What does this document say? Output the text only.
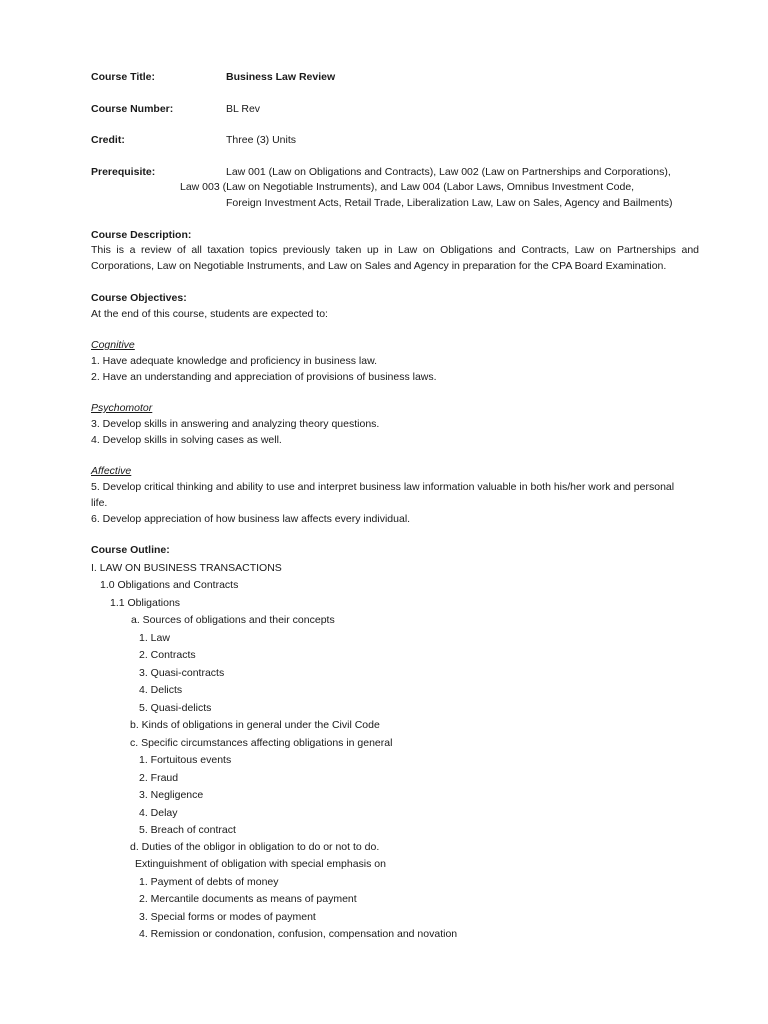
Course Title:	Business Law Review
Course Number:	BL Rev
Credit:	Three (3) Units
Prerequisite:	Law 001 (Law on Obligations and Contracts), Law 002 (Law on Partnerships and Corporations),
Law 003 (Law on Negotiable Instruments), and Law 004 (Labor Laws, Omnibus Investment Code,
Foreign Investment Acts, Retail Trade, Liberalization Law, Law on Sales, Agency and Bailments)
Course Description:
This is a review of all taxation topics previously taken up in Law on Obligations and Contracts, Law on Partnerships and Corporations, Law on Negotiable Instruments, and Law on Sales and Agency in preparation for the CPA Board Examination.
Course Objectives:
At the end of this course, students are expected to:
Cognitive
1. Have adequate knowledge and proficiency in business law.
2. Have an understanding and appreciation of provisions of business laws.
Psychomotor
3. Develop skills in answering and analyzing theory questions.
4. Develop skills in solving cases as well.
Affective
5. Develop critical thinking and ability to use and interpret business law information valuable in both his/her work and personal
life.
6. Develop appreciation of how business law affects every individual.
Course Outline:
I. LAW ON BUSINESS TRANSACTIONS
1.0 Obligations and Contracts
1.1 Obligations
a. Sources of obligations and their concepts
1. Law
2. Contracts
3. Quasi-contracts
4. Delicts
5. Quasi-delicts
b. Kinds of obligations in general under the Civil Code
c. Specific circumstances affecting obligations in general
1. Fortuitous events
2. Fraud
3. Negligence
4. Delay
5. Breach of contract
d. Duties of the obligor in obligation to do or not to do.
Extinguishment of obligation with special emphasis on
1. Payment of debts of money
2. Mercantile documents as means of payment
3. Special forms or modes of payment
4. Remission or condonation, confusion, compensation and novation
